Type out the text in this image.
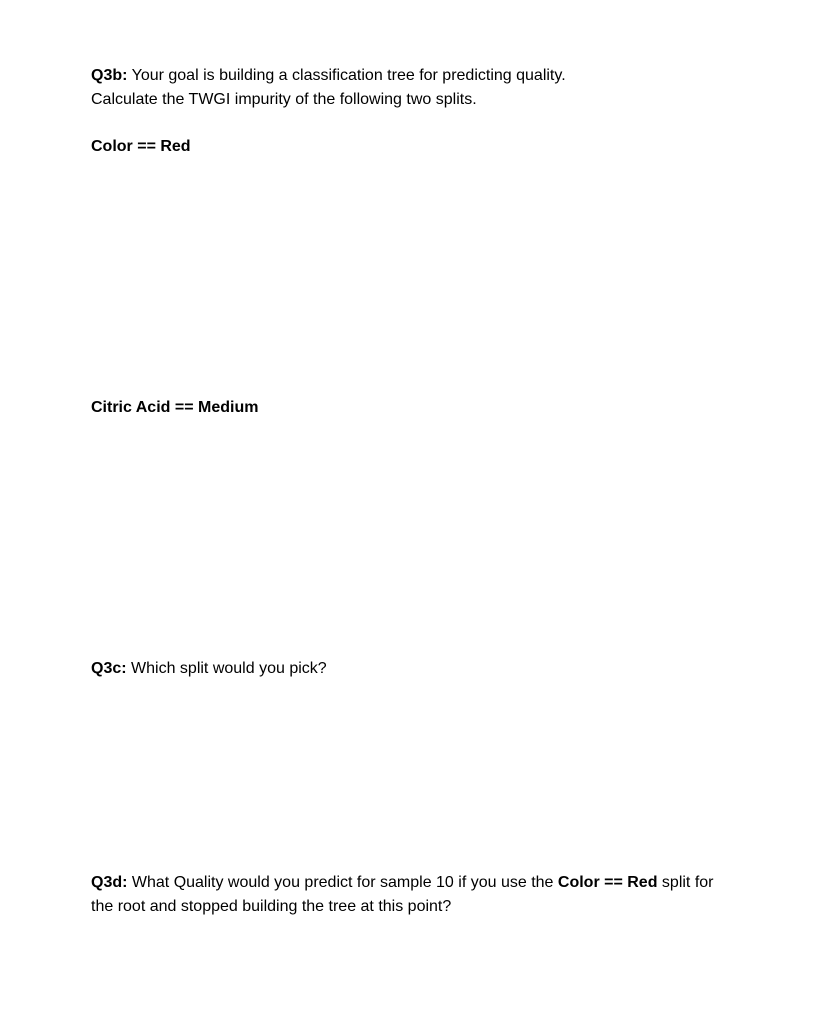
Q3b: Your goal is building a classification tree for predicting quality.
Calculate the TWGI impurity of the following two splits.
Color == Red
Citric Acid == Medium
Q3c: Which split would you pick?
Q3d: What Quality would you predict for sample 10 if you use the Color == Red split for
the root and stopped building the tree at this point?
